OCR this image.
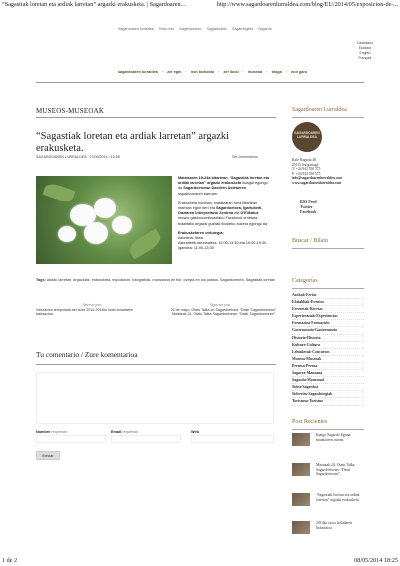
“Sagastiak loretan eta ardiak larretan” argazki erakusketa. | Sagardoaren...	http://www.sagardoarenlurraldea.com/blog/EU/2014/05/exposicion-de-...
Sagardoaren lurraldea Testu info Sagardoetxeo Sagardoaldo Sagardogelio Sagardo
Castellano
Euskara
English
Français
sagardoaren lurraldea · zer egin · non bizkoldu · zer ikusi · museoa · bloga · non garo
MUSEOS-MUSEOAK
“Sagastiak loretan eta ardiak larretan” argazki erakusketa.
SAGARDOAREN LURRALDEA · 07/05/2014 • 10:58	Sin comentarios

Maiatzaren 18-24a bitartean, “Sagastiak loretan eta ardiak larretan” argazki erakusketa ikusgai egongo da Sagardoetxean Dastiren Asteaeren ospakizunaren barruan.

Erakusketa honetan, maiatzaren hera bitartean martxan egon den eta Sagardoetxea, Igartubeiti, Gaztaren Interpretazio Zentroa eta D'Elikatuz museo gastronomikoaelako Facebook orrietara bidalitako argazki guztiak ikusteko aukera egongo da

Erakusketaren ordutegia:
Astelena: itxita.
Asteartetik-larunbatera: 11:00-13:30 eta 16:00-19:30.
Igandea: 11:00-13:30

Tags: ardiak larretan, argazkiak, erakusketa, exposición, fotografías, manzanos en flor, ovejas en los pastos, Sagardoetxea, Sagastiak loretan
Anterior post
Valoración temporada del txotx 2014-2014ko txotx-boladaren balorazioa.
Siguiente post
24 de mayo, Otatu Talka en Sagardoetxea: “Dastí Sagardoetxean” Maiatzak 24, Otatu Talka Sagardoetxean: “Dastí Sagardoetxean”.
Tu comentario / Zure komentarioa
Nombre requerido	Email requerido	Web
Enviar
Sagardoaren Lurraldea
SAGARDOAREN LURRALDEA
Kale Nagusia 48
20115 Astigarraga
T: +34 943 550 575
F: +34 943 550 575
info@sagardoarenlurraldea.com
www.sagardoarenlurraldea.com
RSS Feed
Twitter
Facebook
Buscar / Bilatu
Categorías
Azokak-Ferias
Ekitaldiak-Eventos
Errezetak-Recetas
Esperientziak-Experiencias
Formazioa-Formación
Gastronomia-Gastronomía
Historia-Historia
Kultura-Cultura
Lehiaketak-Concursos
Museoa-Museoak
Prentsa-Prensa
Sagarra-Manzana
Sagastia-Manzanal
Sidra-Sagardoa
Sidrerias-Sagardotegiak
Turismoa-Turismo
Post Recientes
Irungo Sagardo Eguna, maiatzaren ostean.
Maiatzak 24, Otatu Talka Sagardoetxean: “Dastí Sagardoetxean”.
“Sagastiak loretan eta ardiak larretan” argazki erakusketa.
2014ko txotx boladaren balorazioa.
1 de 2	08/05/2014 18:25
